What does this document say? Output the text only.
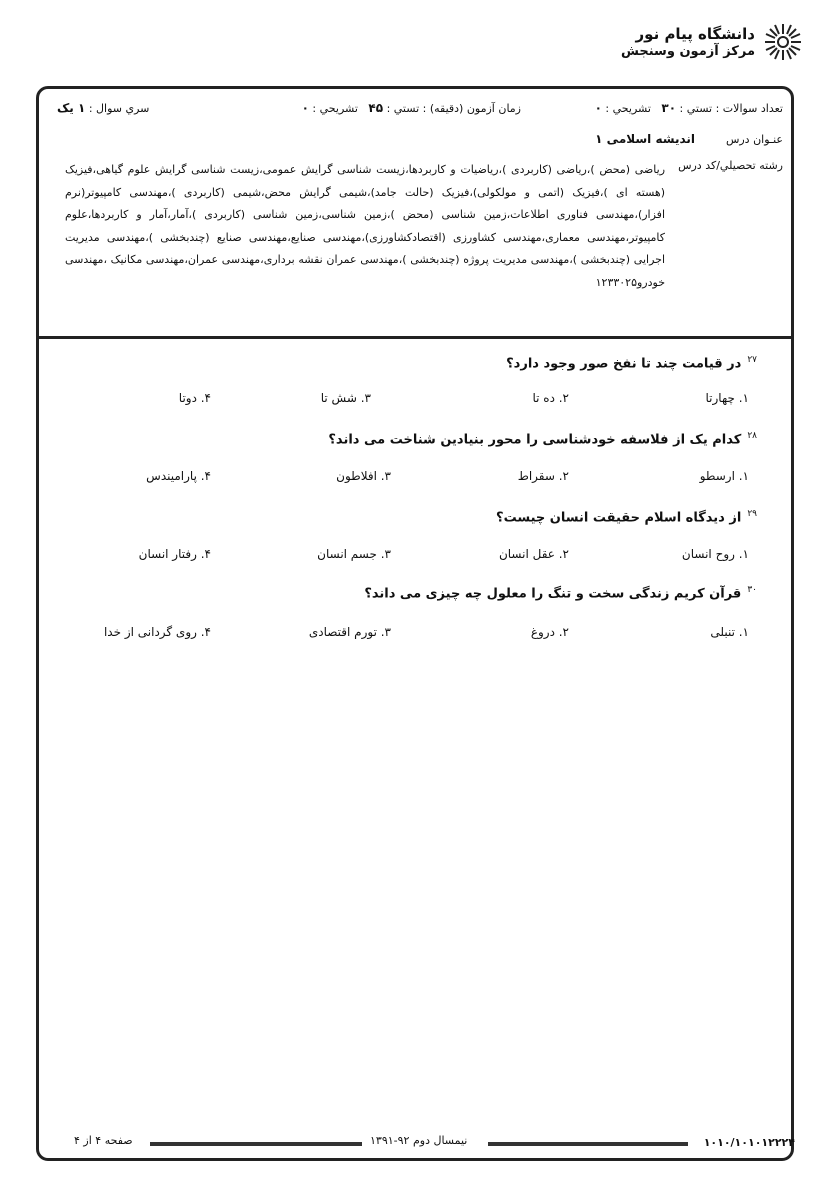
دانشگاه پیام نور
مرکز آزمون وسنجش
تعداد سوالات : تستي : ۳۰   تشريحي : ۰
زمان آزمون (دقيقه) : تستي : ۴۵   تشريحي : ۰
سري سوال : ۱ يک
عنـوان درس
اندیشه اسلامی ۱
رشته تحصيلي/کد درس
ریاضی (محض )،ریاضی (کاربردی )،ریاضیات و کاربردها،زیست شناسی گرایش عمومی،زیست شناسی گرایش علوم گیاهی،فیزیک (هسته ای )،فیزیک (اتمی و مولکولی)،فیزیک (حالت جامد)،شیمی گرایش محض،شیمی (کاربردی )،مهندسی کامپیوتر(نرم افزار)،مهندسی فناوری اطلاعات،زمین شناسی (محض )،زمین شناسی،زمین شناسی (کاربردی )،آمار،آمار و کاربردها،علوم کامپیوتر،مهندسی معماری،مهندسی کشاورزی (اقتصادکشاورزی)،مهندسی صنایع،مهندسی صنایع (چندبخشی )،مهندسی مدیریت اجرایی (چندبخشی )،مهندسی مدیریت پروژه (چندبخشی )،مهندسی عمران نقشه برداری،مهندسی عمران،مهندسی مکانیک ،مهندسی خودرو۱۲۳۳۰۲۵
$^{۲۷}$در قیامت چند تا نفخ صور وجود دارد؟
۱. چهارتا
۲. ده تا
۳. شش تا
۴. دوتا
$^{۲۸}$کدام یک از فلاسفه خودشناسی را محور بنیادین شناخت می داند؟
۱. ارسطو
۲. سقراط
۳. افلاطون
۴. پارامیندس
$^{۲۹}$از دیدگاه اسلام حقیقت انسان چیست؟
۱. روح انسان
۲. عقل انسان
۳. جسم انسان
۴. رفتار انسان
$^{۳۰}$قرآن کریم زندگی سخت و تنگ را معلول چه چیزی می داند؟
۱. تنبلی
۲. دروغ
۳. تورم اقتصادی
۴. روی گردانی از خدا
۱۰۱۰/۱۰۱۰۱۲۲۲۴
نیمسال دوم ۹۲-۱۳۹۱
صفحه ۴ از ۴
